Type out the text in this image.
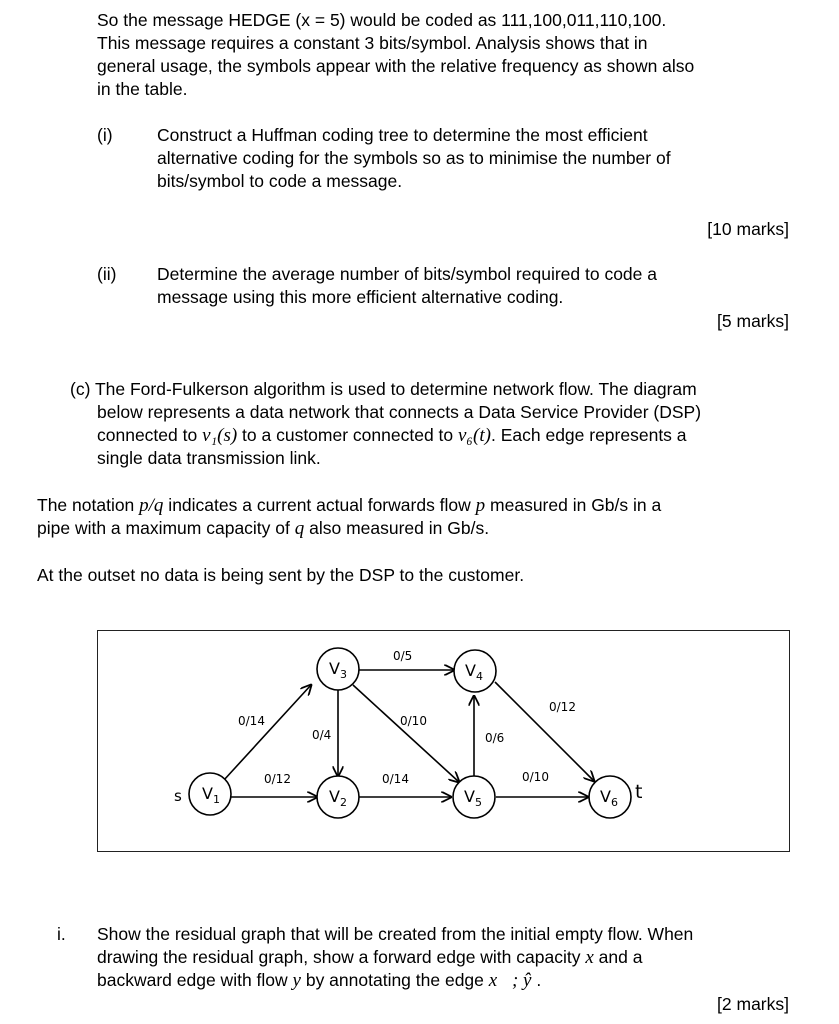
So the message HEDGE (x = 5) would be coded as 111,100,011,110,100.
This message requires a constant 3 bits/symbol. Analysis shows that in
general usage, the symbols appear with the relative frequency as shown also
in the table.
(i)	Construct a Huffman coding tree to determine the most efficient
alternative coding for the symbols so as to minimise the number of
bits/symbol to code a message.
[10 marks]
(ii) Determine the average number of bits/symbol required to code a
message using this more efficient alternative coding.
[5 marks]
(c) The Ford-Fulkerson algorithm is used to determine network flow. The diagram
below represents a data network that connects a Data Service Provider (DSP)
connected to v₁(s) to a customer connected to v₆(t). Each edge represents a
single data transmission link.
The notation p/q indicates a current actual forwards flow p measured in Gb/s in a
pipe with a maximum capacity of q also measured in Gb/s.
At the outset no data is being sent by the DSP to the customer.
$V_1$	$V_2$
$V_3$	$V_4$
$V_5$	$V_6$
s	t
0/14
0/12
0/5
0/4
0/10
0/6
0/12
0/14	0/10
i. Show the residual graph that will be created from the initial empty flow. When
drawing the residual graph, show a forward edge with capacity x and a
backward edge with flow y by annotating the edge x⃗; ŷ .
[2 marks]
